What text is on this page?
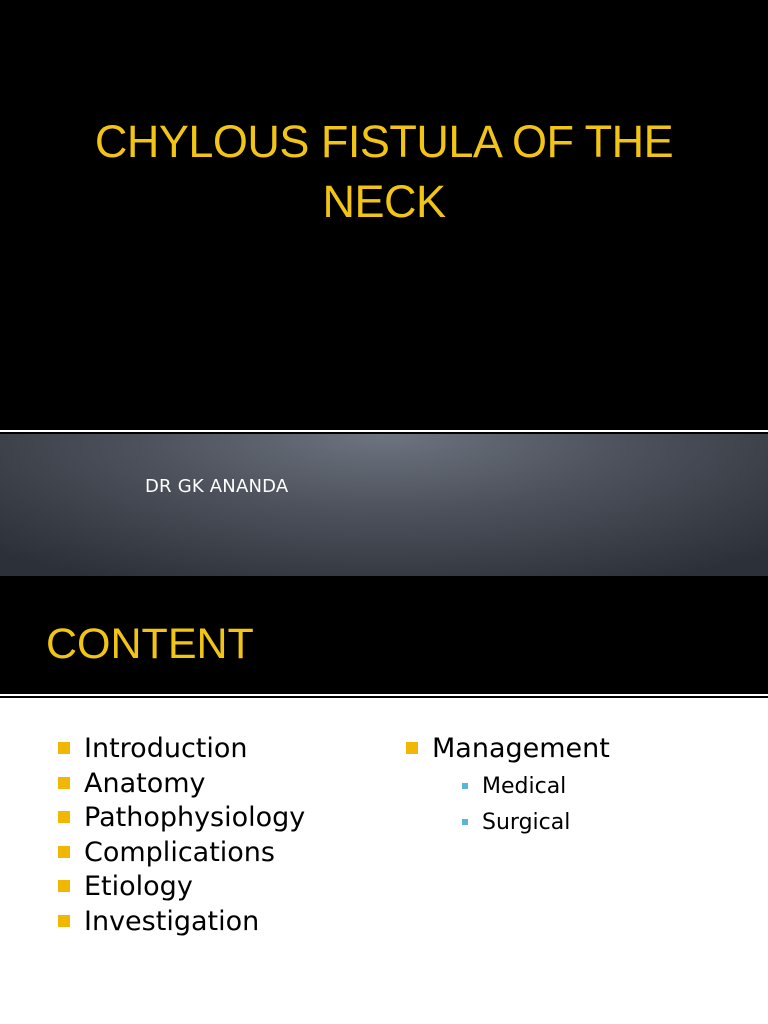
CHYLOUS FISTULA OF THE
NECK
DR GK ANANDA
CONTENT
Introduction
Anatomy
Pathophysiology
Complications
Etiology
Investigation
Management
Medical
Surgical
